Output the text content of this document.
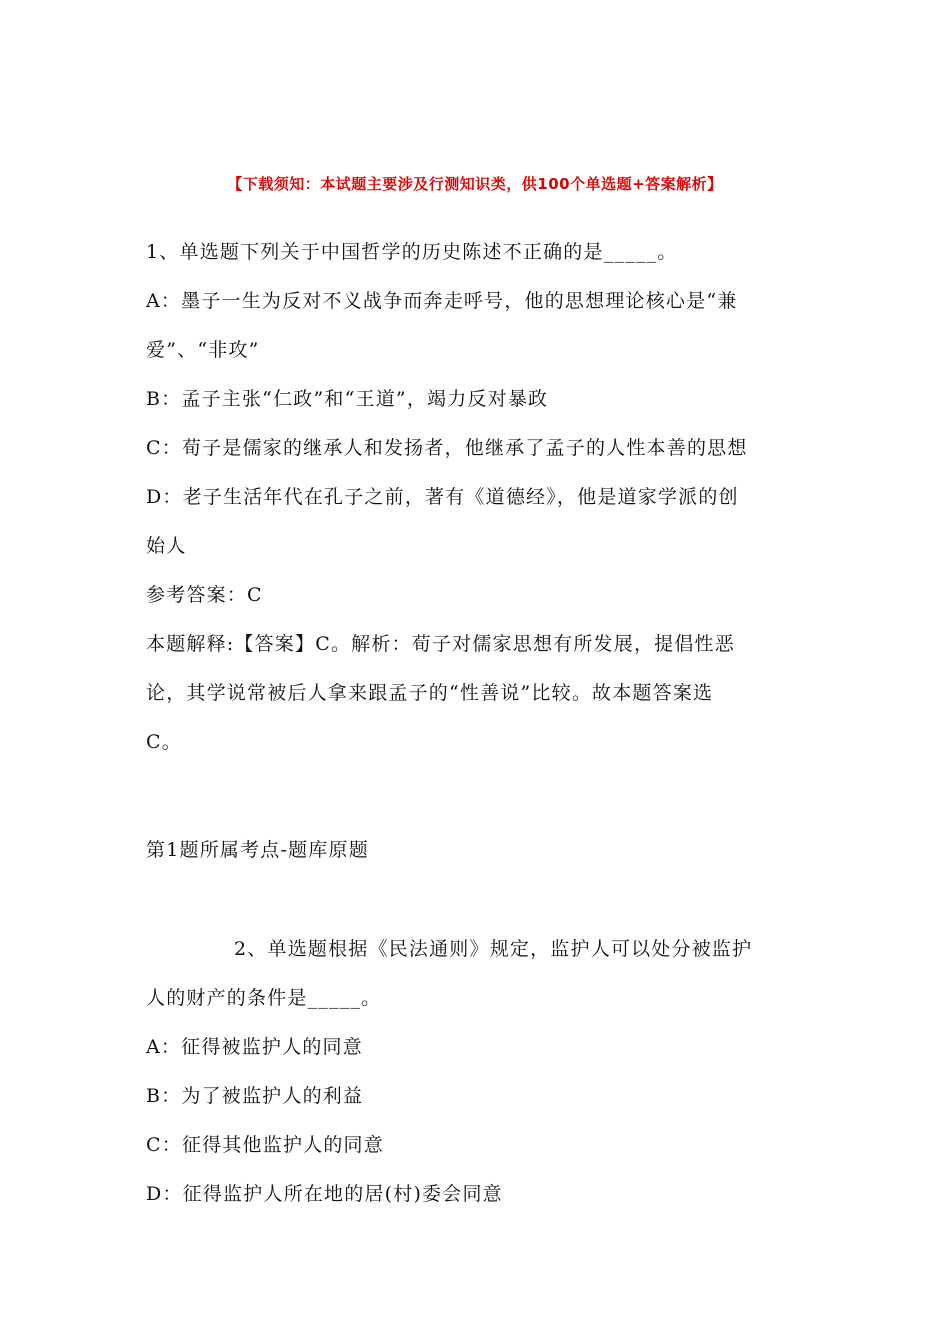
【下载须知：本试题主要涉及行测知识类，供100个单选题+答案解析】
1、单选题下列关于中国哲学的历史陈述不正确的是_____。
A：墨子一生为反对不义战争而奔走呼号，他的思想理论核心是“兼
爱”、“非攻”
B：孟子主张“仁政”和“王道”，竭力反对暴政
C：荀子是儒家的继承人和发扬者，他继承了孟子的人性本善的思想
D：老子生活年代在孔子之前，著有《道德经》，他是道家学派的创
始人
参考答案：C
本题解释:【答案】C。解析：荀子对儒家思想有所发展，提倡性恶
论，其学说常被后人拿来跟孟子的“性善说”比较。故本题答案选
C。
第1题所属考点-题库原题
2、单选题根据《民法通则》规定，监护人可以处分被监护
人的财产的条件是_____。
A：征得被监护人的同意
B：为了被监护人的利益
C：征得其他监护人的同意
D：征得监护人所在地的居(村)委会同意
